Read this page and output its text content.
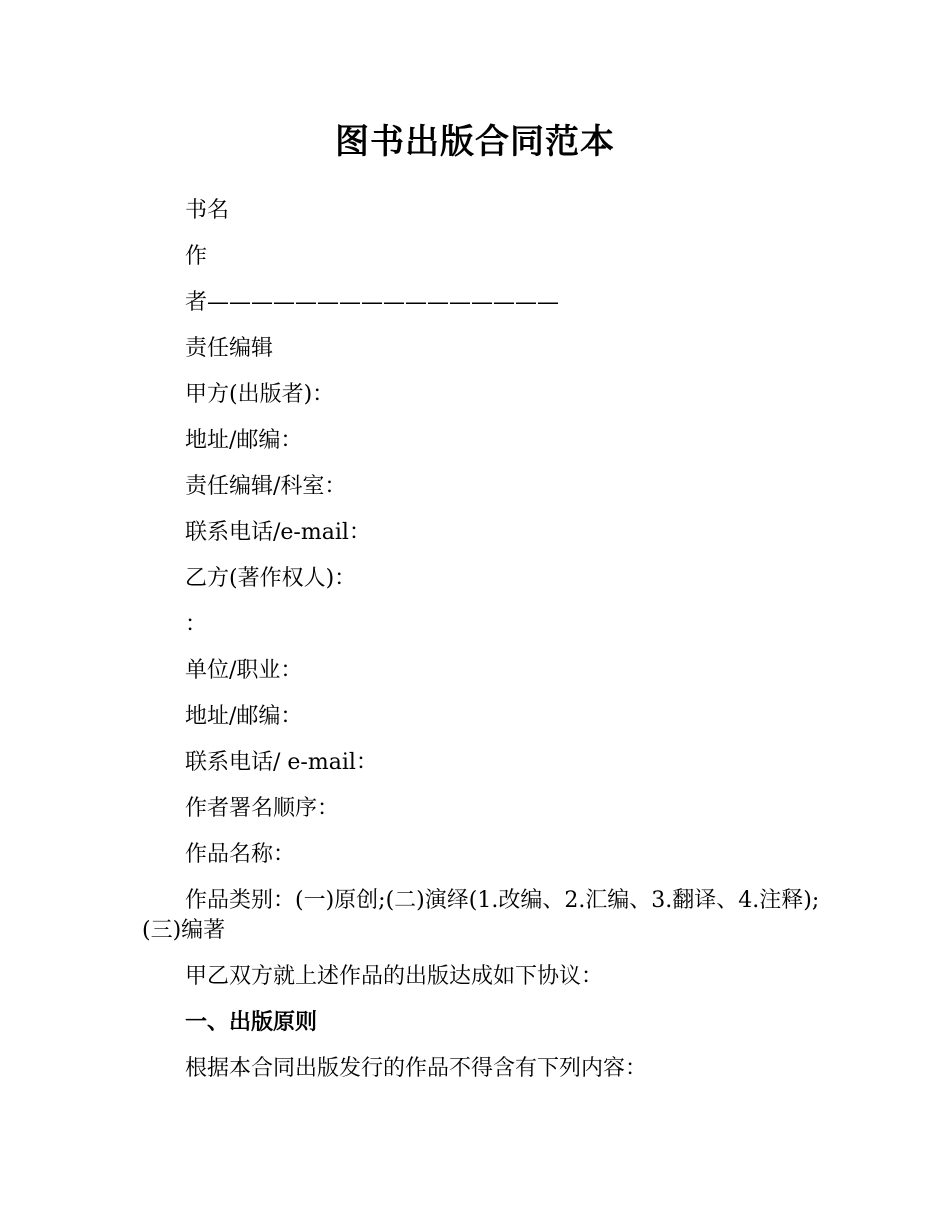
图书出版合同范本
书名
作
者————————————————
责任编辑
甲方(出版者)：
地址/邮编：
责任编辑/科室：
联系电话/e-mail：
乙方(著作权人)：
：
单位/职业：
地址/邮编：
联系电话/ e-mail：
作者署名顺序：
作品名称：
作品类别：(一)原创;(二)演绎(1.改编、2.汇编、3.翻译、4.注释);(三)编著
甲乙双方就上述作品的出版达成如下协议：
一、出版原则
根据本合同出版发行的作品不得含有下列内容：
